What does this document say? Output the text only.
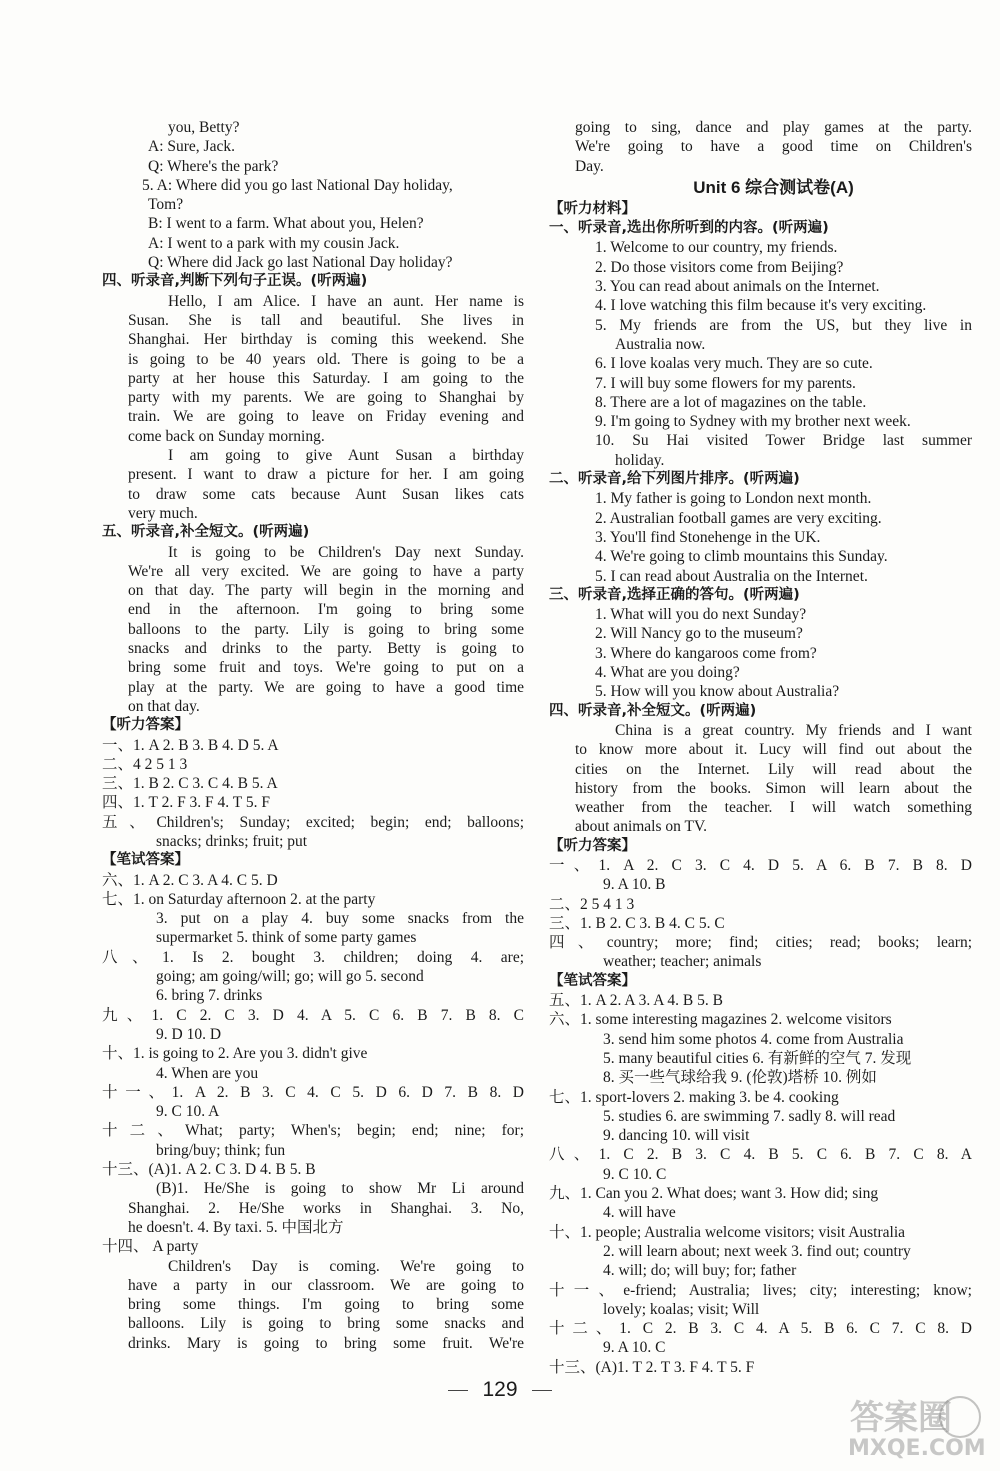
you, Betty?
A: Sure, Jack.
Q: Where's the park?
5. A: Where did you go last National Day holiday,
Tom?
B: I went to a farm. What about you, Helen?
A: I went to a park with my cousin Jack.
Q: Where did Jack go last National Day holiday?
四、听录音,判断下列句子正误。(听两遍)
Hello, I am Alice. I have an aunt. Her name is
Susan. She is tall and beautiful. She lives in
Shanghai. Her birthday is coming this weekend. She
is going to be 40 years old. There is going to be a
party at her house this Saturday. I am going to the
party with my parents. We are going to Shanghai by
train. We are going to leave on Friday evening and
come back on Sunday morning.
I am going to give Aunt Susan a birthday
present. I want to draw a picture for her. I am going
to draw some cats because Aunt Susan likes cats
very much.
五、听录音,补全短文。(听两遍)
It is going to be Children's Day next Sunday.
We're all very excited. We are going to have a party
on that day. The party will begin in the morning and
end in the afternoon. I'm going to bring some
balloons to the party. Lily is going to bring some
snacks and drinks to the party. Betty is going to
bring some fruit and toys. We're going to put on a
play at the party. We are going to have a good time
on that day.
【听力答案】
一、1. A 2. B 3. B 4. D 5. A
二、4 2 5 1 3
三、1. B 2. C 3. C 4. B 5. A
四、1. T 2. F 3. F 4. T 5. F
五、Children's; Sunday; excited; begin; end; balloons;
snacks; drinks; fruit; put
【笔试答案】
六、1. A 2. C 3. A 4. C 5. D
七、1. on Saturday afternoon 2. at the party
3. put on a play 4. buy some snacks from the
supermarket 5. think of some party games
八、1. Is 2. bought 3. children; doing 4. are;
going; am going/will; go; will go 5. second
6. bring 7. drinks
九、1. C 2. C 3. D 4. A 5. C 6. B 7. B 8. C
9. D 10. D
十、1. is going to 2. Are you 3. didn't give
4. When are you
十一、1. A 2. B 3. C 4. C 5. D 6. D 7. B 8. D
9. C 10. A
十二、What; party; When's; begin; end; nine; for;
bring/buy; think; fun
十三、(A)1. A 2. C 3. D 4. B 5. B
(B)1. He/She is going to show Mr Li around
Shanghai. 2. He/She works in Shanghai. 3. No,
he doesn't. 4. By taxi. 5. 中国北方
十四、 A party
Children's Day is coming. We're going to
have a party in our classroom. We are going to
bring some things. I'm going to bring some
balloons. Lily is going to bring some snacks and
drinks. Mary is going to bring some fruit. We're
going to sing, dance and play games at the party.
We're going to have a good time on Children's
Day.
Unit 6 综合测试卷(A)
【听力材料】
一、听录音,选出你所听到的内容。(听两遍)
1. Welcome to our country, my friends.
2. Do those visitors come from Beijing?
3. You can read about animals on the Internet.
4. I love watching this film because it's very exciting.
5. My friends are from the US, but they live in
Australia now.
6. I love koalas very much. They are so cute.
7. I will buy some flowers for my parents.
8. There are a lot of magazines on the table.
9. I'm going to Sydney with my brother next week.
10. Su Hai visited Tower Bridge last summer
holiday.
二、听录音,给下列图片排序。(听两遍)
1. My father is going to London next month.
2. Australian football games are very exciting.
3. You'll find Stonehenge in the UK.
4. We're going to climb mountains this Sunday.
5. I can read about Australia on the Internet.
三、听录音,选择正确的答句。(听两遍)
1. What will you do next Sunday?
2. Will Nancy go to the museum?
3. Where do kangaroos come from?
4. What are you doing?
5. How will you know about Australia?
四、听录音,补全短文。(听两遍)
China is a great country. My friends and I want
to know more about it. Lucy will find out about the
cities on the Internet. Lily will read about the
history from the books. Simon will learn about the
weather from the teacher. I will watch something
about animals on TV.
【听力答案】
一、1. A 2. C 3. C 4. D 5. A 6. B 7. B 8. D
9. A 10. B
二、2 5 4 1 3
三、1. B 2. C 3. B 4. C 5. C
四、country; more; find; cities; read; books; learn;
weather; teacher; animals
【笔试答案】
五、1. A 2. A 3. A 4. B 5. B
六、1. some interesting magazines 2. welcome visitors
3. send him some photos 4. come from Australia
5. many beautiful cities 6. 有新鲜的空气 7. 发现
8. 买一些气球给我 9. (伦敦)塔桥 10. 例如
七、1. sport-lovers 2. making 3. be 4. cooking
5. studies 6. are swimming 7. sadly 8. will read
9. dancing 10. will visit
八、1. C 2. B 3. C 4. B 5. C 6. B 7. C 8. A
9. C 10. C
九、1. Can you 2. What does; want 3. How did; sing
4. will have
十、1. people; Australia welcome visitors; visit Australia
2. will learn about; next week 3. find out; country
4. will; do; will buy; for; father
十一、e-friend; Australia; lives; city; interesting; know;
lovely; koalas; visit; Will
十二、1. C 2. B 3. C 4. A 5. B 6. C 7. C 8. D
9. A 10. C
十三、(A)1. T 2. T 3. F 4. T 5. F
129
答案圈
MXQE.COM
